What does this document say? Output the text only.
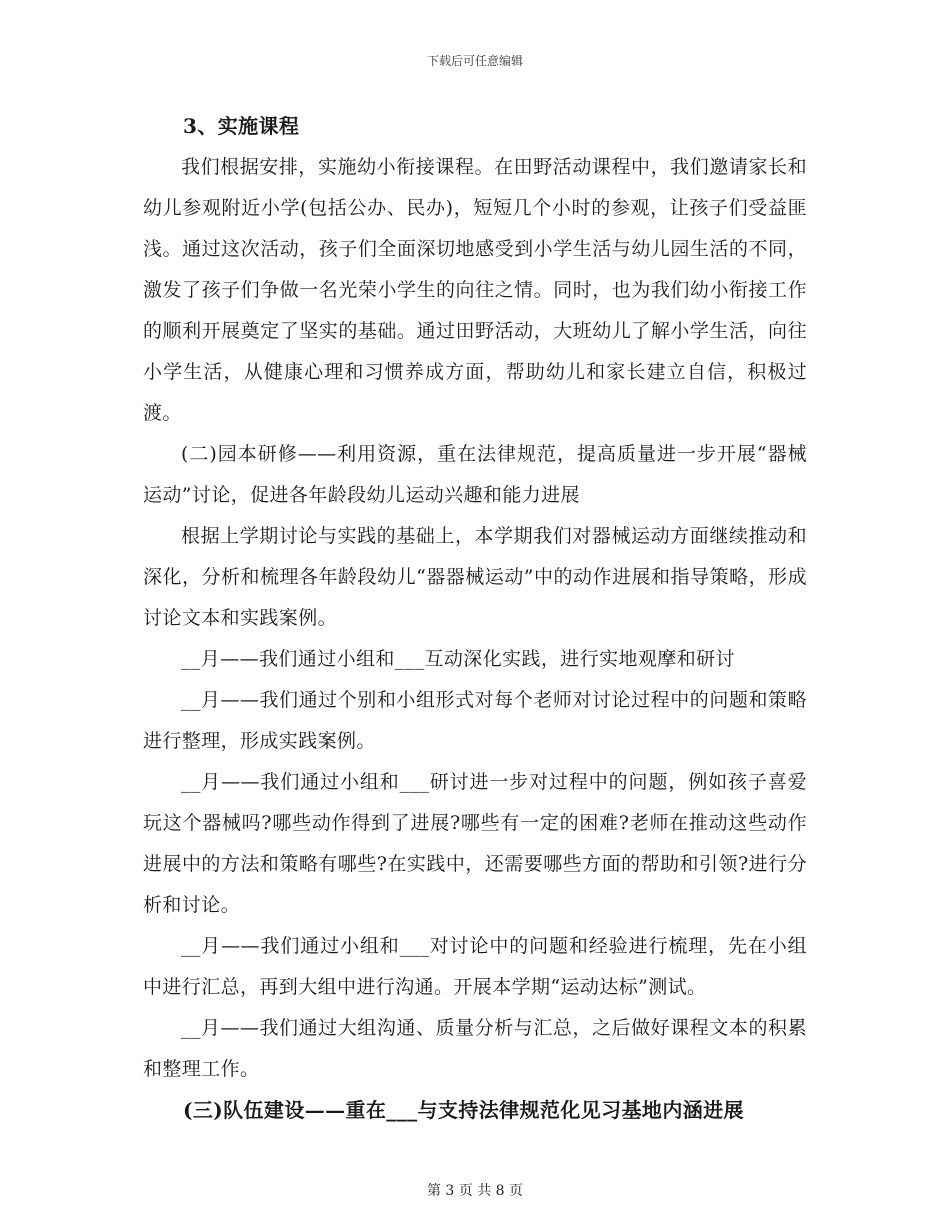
下载后可任意编辑

3、实施课程

我们根据安排，实施幼小衔接课程。在田野活动课程中，我们邀请家长和幼儿参观附近小学(包括公办、民办)，短短几个小时的参观，让孩子们受益匪浅。通过这次活动，孩子们全面深切地感受到小学生活与幼儿园生活的不同，激发了孩子们争做一名光荣小学生的向往之情。同时，也为我们幼小衔接工作的顺利开展奠定了坚实的基础。通过田野活动，大班幼儿了解小学生活，向往小学生活，从健康心理和习惯养成方面，帮助幼儿和家长建立自信，积极过渡。

(二)园本研修——利用资源，重在法律规范，提高质量进一步开展“器械运动”讨论，促进各年龄段幼儿运动兴趣和能力进展

根据上学期讨论与实践的基础上，本学期我们对器械运动方面继续推动和深化，分析和梳理各年龄段幼儿“器器械运动”中的动作进展和指导策略，形成讨论文本和实践案例。

__月——我们通过小组和___互动深化实践，进行实地观摩和研讨

__月——我们通过个别和小组形式对每个老师对讨论过程中的问题和策略进行整理，形成实践案例。

__月——我们通过小组和___研讨进一步对过程中的问题，例如孩子喜爱玩这个器械吗?哪些动作得到了进展?哪些有一定的困难?老师在推动这些动作进展中的方法和策略有哪些?在实践中，还需要哪些方面的帮助和引领?进行分析和讨论。

__月——我们通过小组和___对讨论中的问题和经验进行梳理，先在小组中进行汇总，再到大组中进行沟通。开展本学期“运动达标”测试。

__月——我们通过大组沟通、质量分析与汇总，之后做好课程文本的积累和整理工作。

(三)队伍建设——重在___与支持法律规范化见习基地内涵进展

第 3 页 共 8 页
